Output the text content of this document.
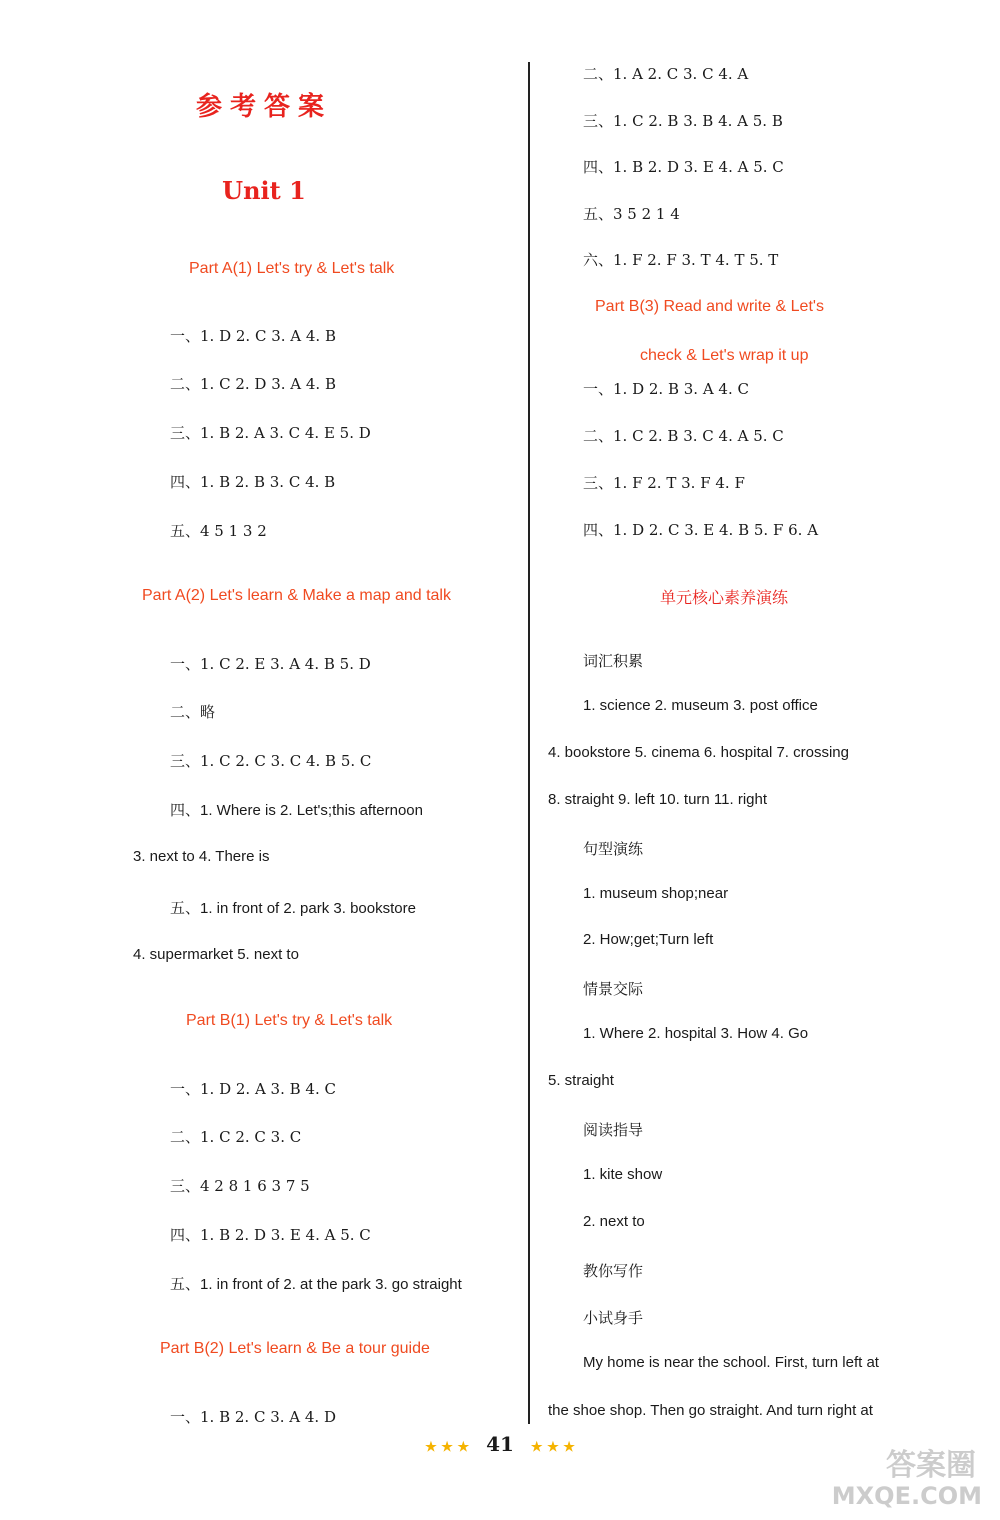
参考答案
Unit 1
Part A(1) Let's try & Let's talk
一、1. D 2. C 3. A 4. B
二、1. C 2. D 3. A 4. B
三、1. B 2. A 3. C 4. E 5. D
四、1. B 2. B 3. C 4. B
五、4 5 1 3 2
Part A(2) Let's learn & Make a map and talk
一、1. C 2. E 3. A 4. B 5. D
二、略
三、1. C 2. C 3. C 4. B 5. C
四、1. Where is 2. Let's;this afternoon
3. next to 4. There is
五、1. in front of 2. park 3. bookstore
4. supermarket 5. next to
Part B(1) Let's try & Let's talk
一、1. D 2. A 3. B 4. C
二、1. C 2. C 3. C
三、4 2 8 1 6 3 7 5
四、1. B 2. D 3. E 4. A 5. C
五、1. in front of 2. at the park 3. go straight
Part B(2) Let's learn & Be a tour guide
一、1. B 2. C 3. A 4. D
二、1. A 2. C 3. C 4. A
三、1. C 2. B 3. B 4. A 5. B
四、1. B 2. D 3. E 4. A 5. C
五、3 5 2 1 4
六、1. F 2. F 3. T 4. T 5. T
Part B(3) Read and write & Let's
check & Let's wrap it up
一、1. D 2. B 3. A 4. C
二、1. C 2. B 3. C 4. A 5. C
三、1. F 2. T 3. F 4. F
四、1. D 2. C 3. E 4. B 5. F 6. A
单元核心素养演练
词汇积累
1. science 2. museum 3. post office
4. bookstore 5. cinema 6. hospital 7. crossing
8. straight 9. left 10. turn 11. right
句型演练
1. museum shop;near
2. How;get;Turn left
情景交际
1. Where 2. hospital 3. How 4. Go
5. straight
阅读指导
1. kite show
2. next to
教你写作
小试身手
My home is near the school. First, turn left at
the shoe shop. Then go straight. And turn right at
★ ★ ★ 41 ★ ★ ★
答案圈
MXQE.COM
